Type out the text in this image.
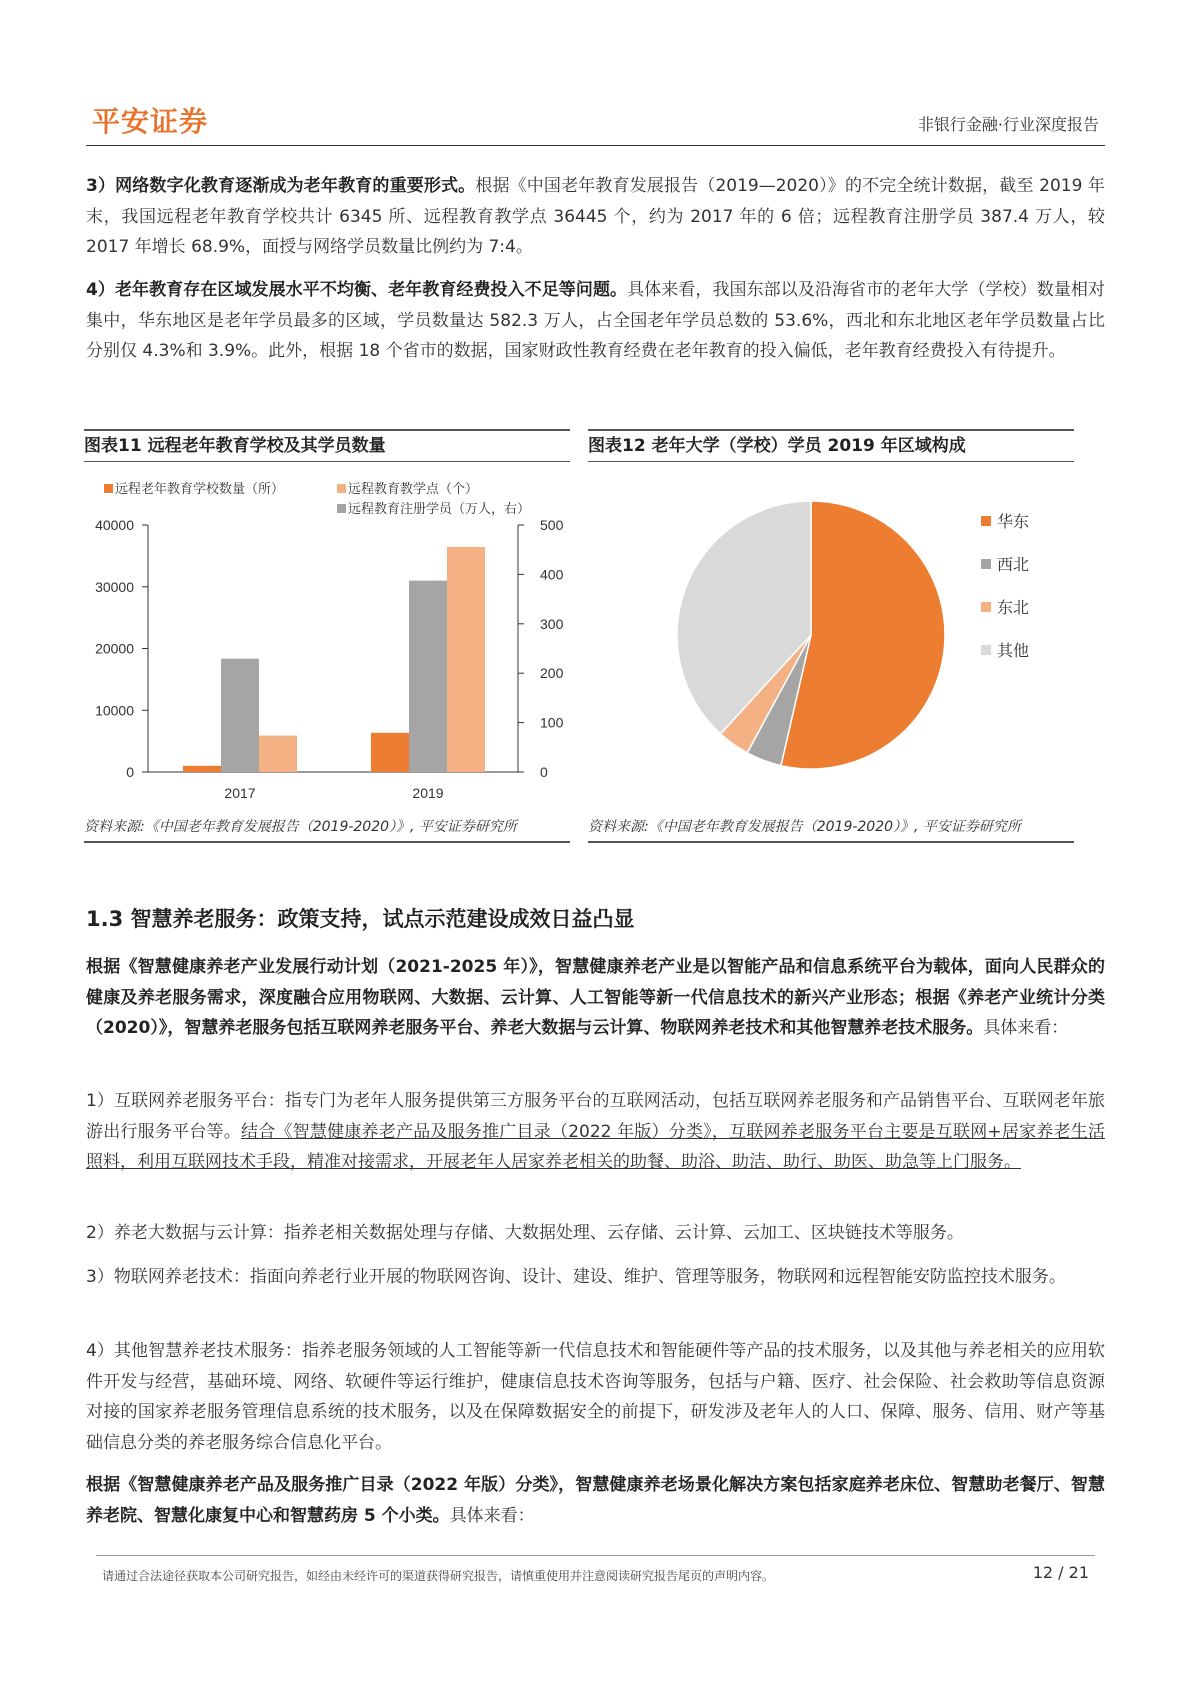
平安证券	非银行金融·行业深度报告
3）网络数字化教育逐渐成为老年教育的重要形式。根据《中国老年教育发展报告（2019—2020）》的不完全统计数据，截至 2019 年末，我国远程老年教育学校共计 6345 所、远程教育教学点 36445 个，约为 2017 年的 6 倍；远程教育注册学员 387.4 万人，较 2017 年增长 68.9%，面授与网络学员数量比例约为 7:4。
4）老年教育存在区域发展水平不均衡、老年教育经费投入不足等问题。具体来看，我国东部以及沿海省市的老年大学（学校）数量相对集中，华东地区是老年学员最多的区域，学员数量达 582.3 万人，占全国老年学员总数的 53.6%，西北和东北地区老年学员数量占比分别仅 4.3%和 3.9%。此外，根据 18 个省市的数据，国家财政性教育经费在老年教育的投入偏低，老年教育经费投入有待提升。
图表11 远程老年教育学校及其学员数量
远程老年教育学校数量（所）	远程教育教学点（个）
远程教育注册学员（万人，右）
0
10000
20000
30000
40000
0
100
200
300
400
500
2017	2019
资料来源:《中国老年教育发展报告（2019-2020）》, 平安证券研究所
图表12 老年大学（学校）学员 2019 年区域构成
华东
西北
东北
其他
资料来源:《中国老年教育发展报告（2019-2020）》, 平安证券研究所
1.3 智慧养老服务：政策支持，试点示范建设成效日益凸显
根据《智慧健康养老产业发展行动计划（2021-2025 年）》，智慧健康养老产业是以智能产品和信息系统平台为载体，面向人民群众的健康及养老服务需求，深度融合应用物联网、大数据、云计算、人工智能等新一代信息技术的新兴产业形态；根据《养老产业统计分类（2020）》，智慧养老服务包括互联网养老服务平台、养老大数据与云计算、物联网养老技术和其他智慧养老技术服务。具体来看：
1）互联网养老服务平台：指专门为老年人服务提供第三方服务平台的互联网活动，包括互联网养老服务和产品销售平台、互联网老年旅游出行服务平台等。结合《智慧健康养老产品及服务推广目录（2022 年版）分类》，互联网养老服务平台主要是互联网+居家养老生活照料，利用互联网技术手段，精准对接需求，开展老年人居家养老相关的助餐、助浴、助洁、助行、助医、助急等上门服务。
2）养老大数据与云计算：指养老相关数据处理与存储、大数据处理、云存储、云计算、云加工、区块链技术等服务。
3）物联网养老技术：指面向养老行业开展的物联网咨询、设计、建设、维护、管理等服务，物联网和远程智能安防监控技术服务。
4）其他智慧养老技术服务：指养老服务领域的人工智能等新一代信息技术和智能硬件等产品的技术服务，以及其他与养老相关的应用软件开发与经营，基础环境、网络、软硬件等运行维护，健康信息技术咨询等服务，包括与户籍、医疗、社会保险、社会救助等信息资源对接的国家养老服务管理信息系统的技术服务，以及在保障数据安全的前提下，研发涉及老年人的人口、保障、服务、信用、财产等基础信息分类的养老服务综合信息化平台。
根据《智慧健康养老产品及服务推广目录（2022 年版）分类》，智慧健康养老场景化解决方案包括家庭养老床位、智慧助老餐厅、智慧养老院、智慧化康复中心和智慧药房 5 个小类。具体来看：
请通过合法途径获取本公司研究报告，如经由未经许可的渠道获得研究报告，请慎重使用并注意阅读研究报告尾页的声明内容。	12 / 21
